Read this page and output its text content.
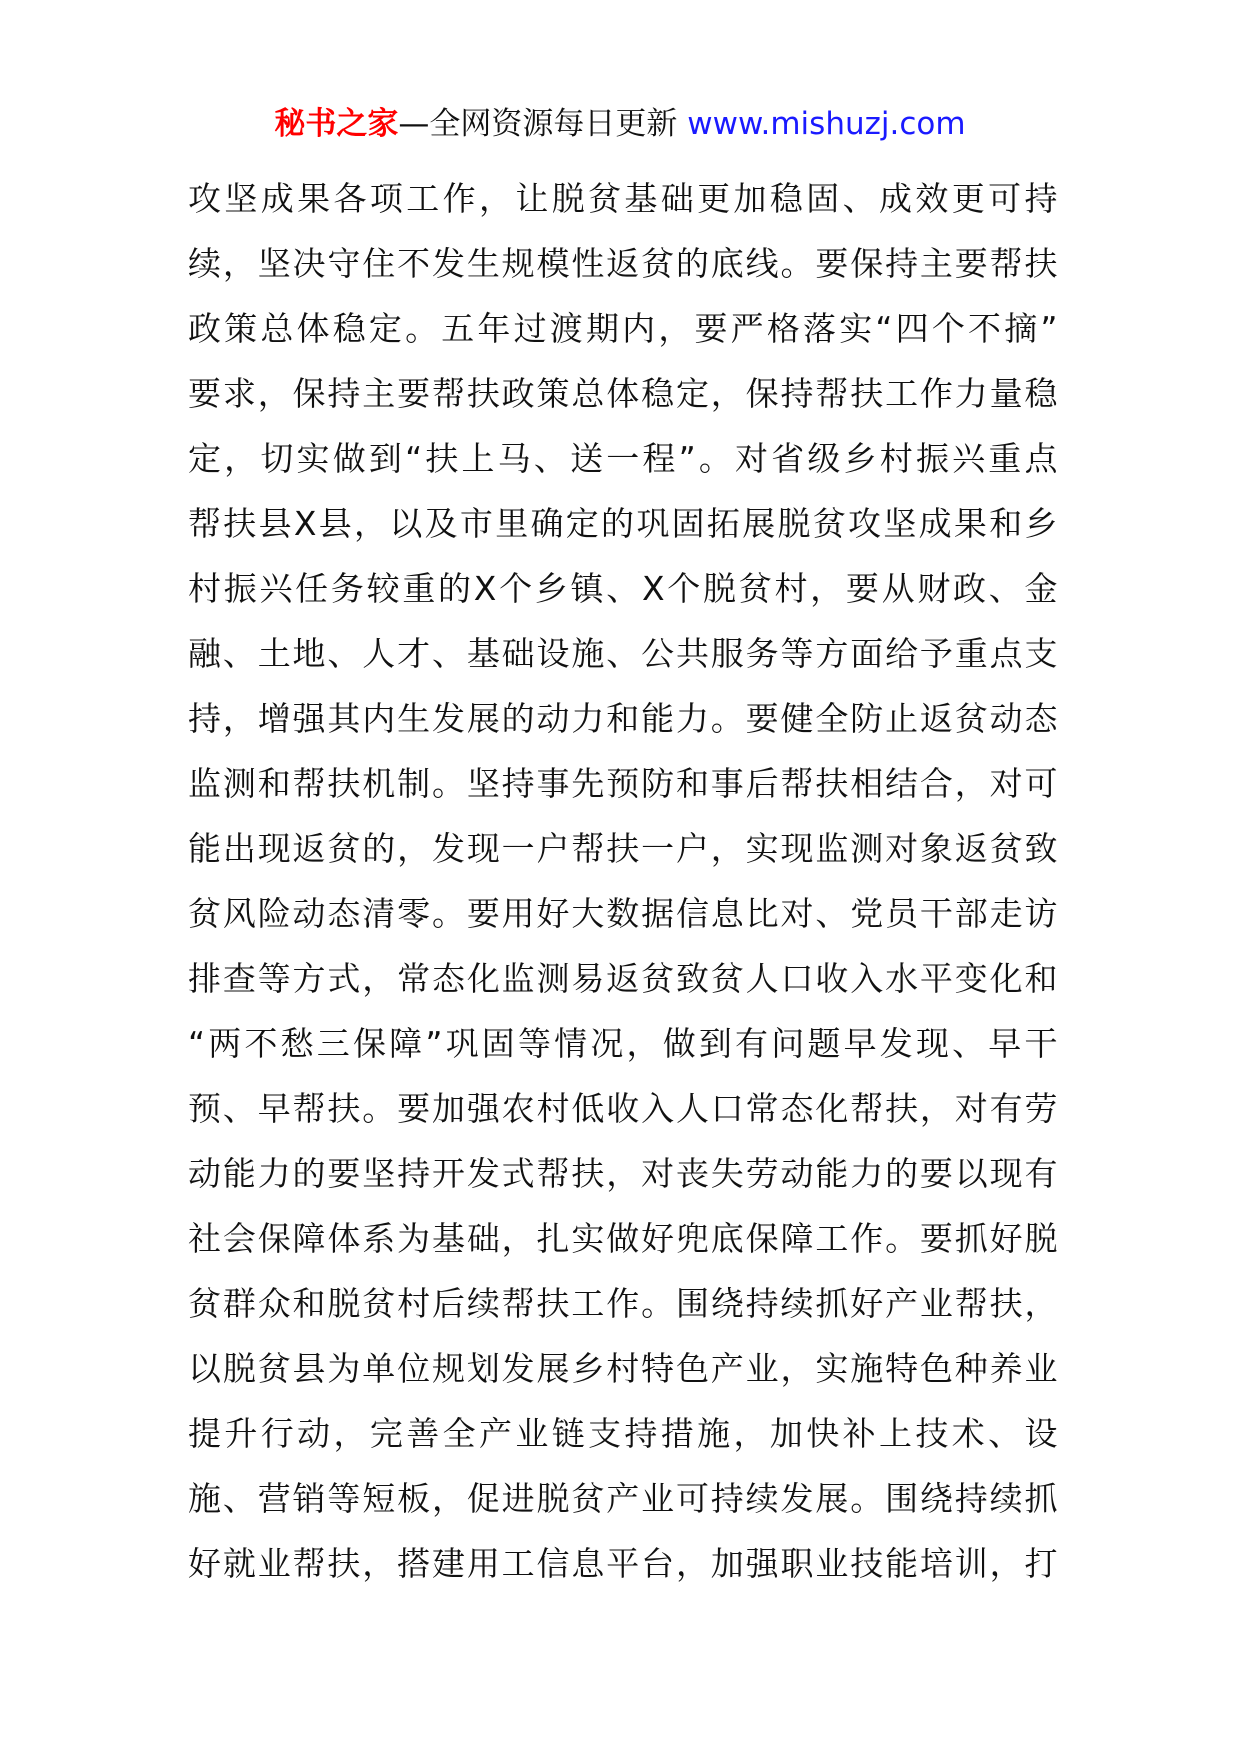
秘书之家—全网资源每日更新 www.mishuzj.com
攻坚成果各项工作，让脱贫基础更加稳固、成效更可持
续，坚决守住不发生规模性返贫的底线。要保持主要帮扶
政策总体稳定。五年过渡期内，要严格落实“四个不摘”
要求，保持主要帮扶政策总体稳定，保持帮扶工作力量稳
定，切实做到“扶上马、送一程”。对省级乡村振兴重点
帮扶县X县，以及市里确定的巩固拓展脱贫攻坚成果和乡
村振兴任务较重的X个乡镇、X个脱贫村，要从财政、金
融、土地、人才、基础设施、公共服务等方面给予重点支
持，增强其内生发展的动力和能力。要健全防止返贫动态
监测和帮扶机制。坚持事先预防和事后帮扶相结合，对可
能出现返贫的，发现一户帮扶一户，实现监测对象返贫致
贫风险动态清零。要用好大数据信息比对、党员干部走访
排查等方式，常态化监测易返贫致贫人口收入水平变化和
“两不愁三保障”巩固等情况，做到有问题早发现、早干
预、早帮扶。要加强农村低收入人口常态化帮扶，对有劳
动能力的要坚持开发式帮扶，对丧失劳动能力的要以现有
社会保障体系为基础，扎实做好兜底保障工作。要抓好脱
贫群众和脱贫村后续帮扶工作。围绕持续抓好产业帮扶，
以脱贫县为单位规划发展乡村特色产业，实施特色种养业
提升行动，完善全产业链支持措施，加快补上技术、设
施、营销等短板，促进脱贫产业可持续发展。围绕持续抓
好就业帮扶，搭建用工信息平台，加强职业技能培训，打
